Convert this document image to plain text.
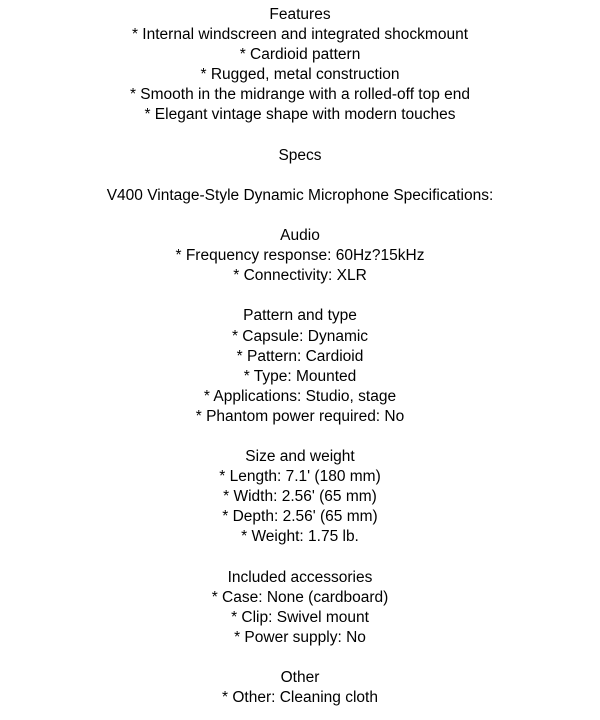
Features
* Internal windscreen and integrated shockmount
* Cardioid pattern
* Rugged, metal construction
* Smooth in the midrange with a rolled-off top end
* Elegant vintage shape with modern touches
Specs
V400 Vintage-Style Dynamic Microphone Specifications:
Audio
* Frequency response: 60Hz?15kHz
* Connectivity: XLR
Pattern and type
* Capsule: Dynamic
* Pattern: Cardioid
* Type: Mounted
* Applications: Studio, stage
* Phantom power required: No
Size and weight
* Length: 7.1' (180 mm)
* Width: 2.56' (65 mm)
* Depth: 2.56' (65 mm)
* Weight: 1.75 lb.
Included accessories
* Case: None (cardboard)
* Clip: Swivel mount
* Power supply: No
Other
* Other: Cleaning cloth
